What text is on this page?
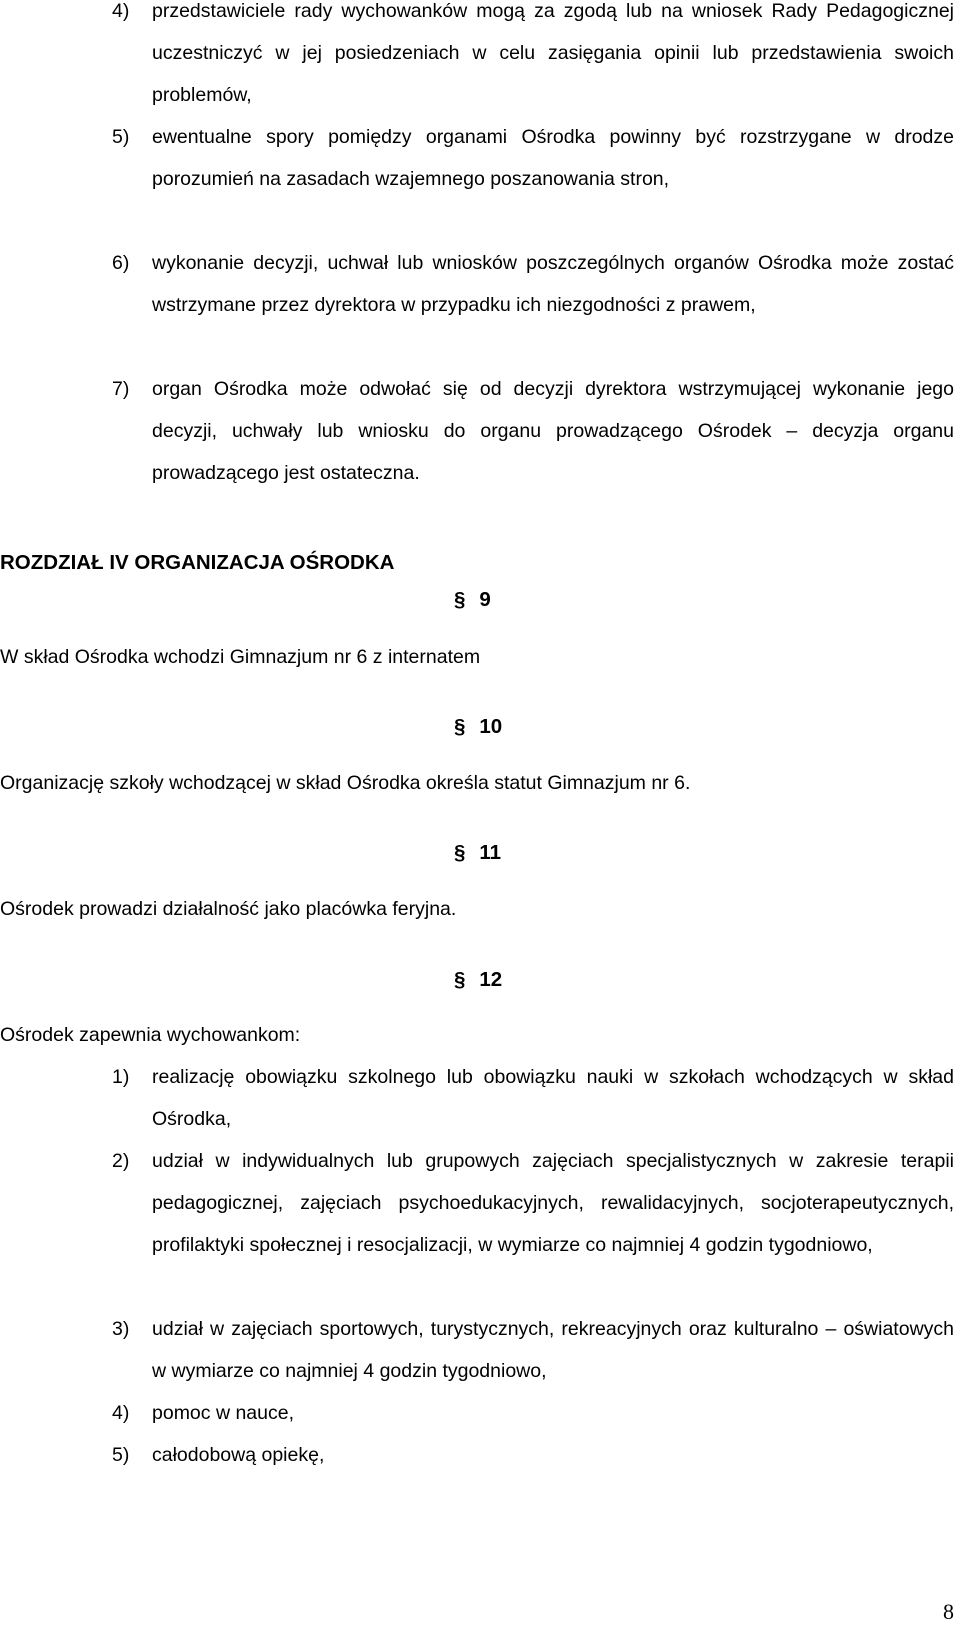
4)	przedstawiciele rady wychowanków mogą za zgodą lub na wniosek Rady Pedagogicznej uczestniczyć w jej posiedzeniach w celu zasięgania opinii lub przedstawienia swoich problemów,
5)	ewentualne spory pomiędzy organami Ośrodka powinny być rozstrzygane w drodze porozumień na zasadach wzajemnego poszanowania stron,
6)	wykonanie decyzji, uchwał lub wniosków poszczególnych organów Ośrodka może zostać wstrzymane przez dyrektora w przypadku ich niezgodności z prawem,
7)	organ Ośrodka może odwołać się od decyzji dyrektora wstrzymującej wykonanie jego decyzji, uchwały lub wniosku do organu prowadzącego Ośrodek – decyzja organu prowadzącego jest ostateczna.
ROZDZIAŁ IV ORGANIZACJA OŚRODKA
§ 9
W skład Ośrodka wchodzi Gimnazjum nr 6 z internatem
§ 10
Organizację szkoły wchodzącej w skład Ośrodka określa statut Gimnazjum nr 6.
§ 11
Ośrodek prowadzi działalność jako placówka feryjna.
§ 12
Ośrodek zapewnia wychowankom:
1)	realizację obowiązku szkolnego lub obowiązku nauki w szkołach wchodzących w skład Ośrodka,
2)	udział w indywidualnych lub grupowych zajęciach specjalistycznych w zakresie terapii pedagogicznej, zajęciach psychoedukacyjnych, rewalidacyjnych, socjoterapeutycznych, profilaktyki społecznej i resocjalizacji, w wymiarze co najmniej 4 godzin tygodniowo,
3)	udział w zajęciach sportowych, turystycznych, rekreacyjnych oraz kulturalno – oświatowych w wymiarze co najmniej 4 godzin tygodniowo,
4)	pomoc w nauce,
5)	całodobową opiekę,
8
